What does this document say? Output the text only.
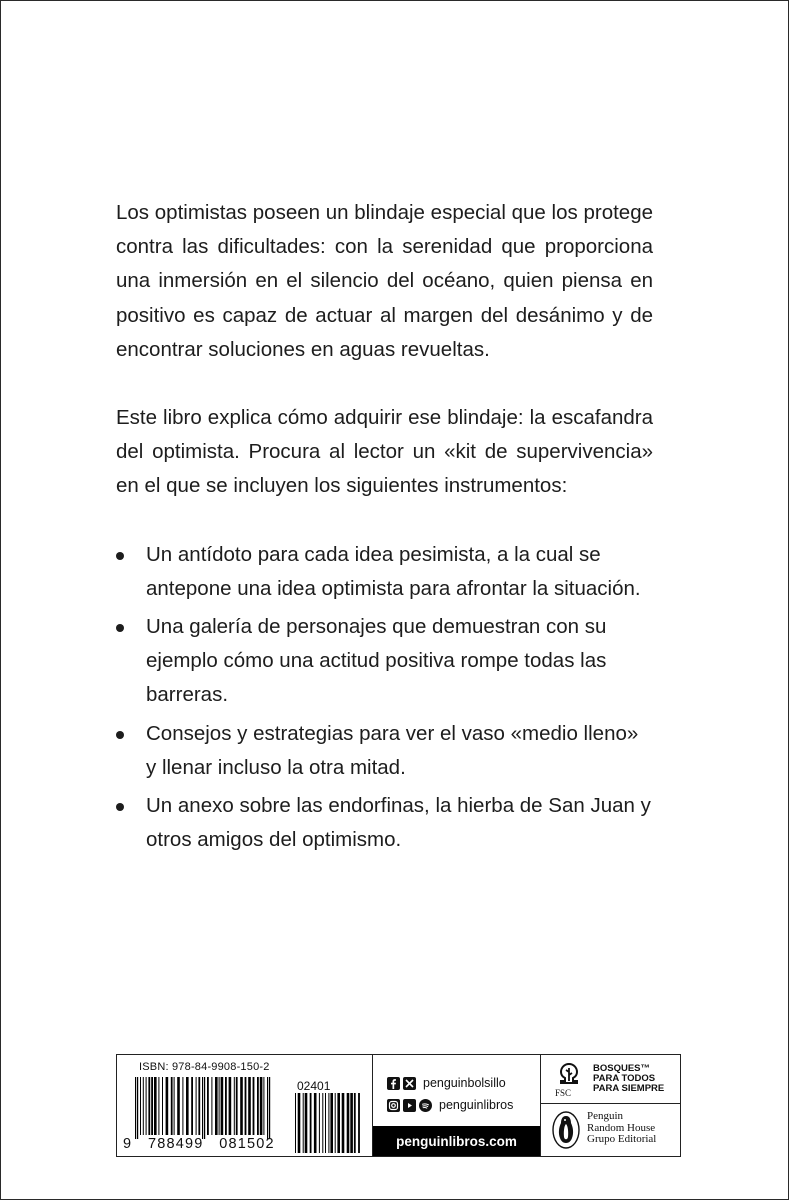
Los optimistas poseen un blindaje especial que los protege contra las dificultades: con la serenidad que proporciona una inmersión en el silencio del océano, quien piensa en positivo es capaz de actuar al margen del desánimo y de encontrar soluciones en aguas revueltas.

Este libro explica cómo adquirir ese blindaje: la escafandra del optimista. Procura al lector un «kit de supervivencia» en el que se incluyen los siguientes instrumentos:

Un antídoto para cada idea pesimista, a la cual se antepone una idea optimista para afrontar la situación.
Una galería de personajes que demuestran con su ejemplo cómo una actitud positiva rompe todas las barreras.
Consejos y estrategias para ver el vaso «medio lleno» y llenar incluso la otra mitad.
Un anexo sobre las endorfinas, la hierba de San Juan y otros amigos del optimismo.
ISBN: 978-84-9908-150-2
02401
9   788499   081502
penguinbolsillo
penguinlibros
penguinlibros.com
FSC
BOSQUES™
PARA TODOS
PARA SIEMPRE
Penguin
Random House
Grupo Editorial
